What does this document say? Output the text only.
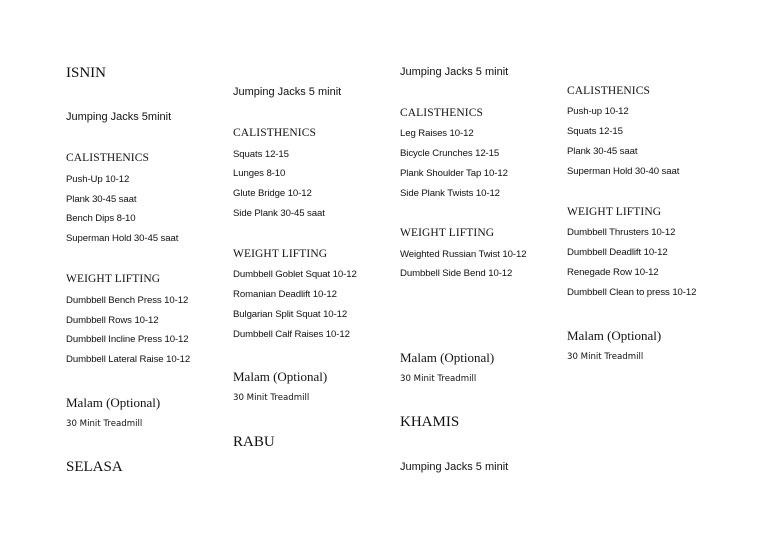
ISNIN

Jumping Jacks 5minit

CALISTHENICS

Push-Up 10-12

Plank 30-45 saat

Bench Dips 8-10

Superman Hold 30-45 saat

WEIGHT LIFTING

Dumbbell Bench Press 10-12

Dumbbell Rows 10-12

Dumbbell Incline Press 10-12

Dumbbell Lateral Raise 10-12

Malam (Optional)

30 Minit Treadmill

SELASA

Jumping Jacks 5 minit

CALISTHENICS

Squats 12-15

Lunges 8-10

Glute Bridge 10-12

Side Plank 30-45 saat

WEIGHT LIFTING

Dumbbell Goblet Squat 10-12

Romanian Deadlift 10-12

Bulgarian Split Squat 10-12

Dumbbell Calf Raises 10-12

Malam (Optional)

30 Minit Treadmill

RABU

Jumping Jacks 5 minit

CALISTHENICS

Leg Raises 10-12

Bicycle Crunches 12-15

Plank Shoulder Tap 10-12

Side Plank Twists 10-12

WEIGHT LIFTING

Weighted Russian Twist 10-12

Dumbbell Side Bend 10-12

Malam (Optional)

30 Minit Treadmill

KHAMIS

Jumping Jacks 5 minit

CALISTHENICS

Push-up 10-12

Squats 12-15

Plank 30-45 saat

Superman Hold 30-40 saat

WEIGHT LIFTING

Dumbbell Thrusters 10-12

Dumbbell Deadlift 10-12

Renegade Row 10-12

Dumbbell Clean to press 10-12

Malam (Optional)

30 Minit Treadmill
